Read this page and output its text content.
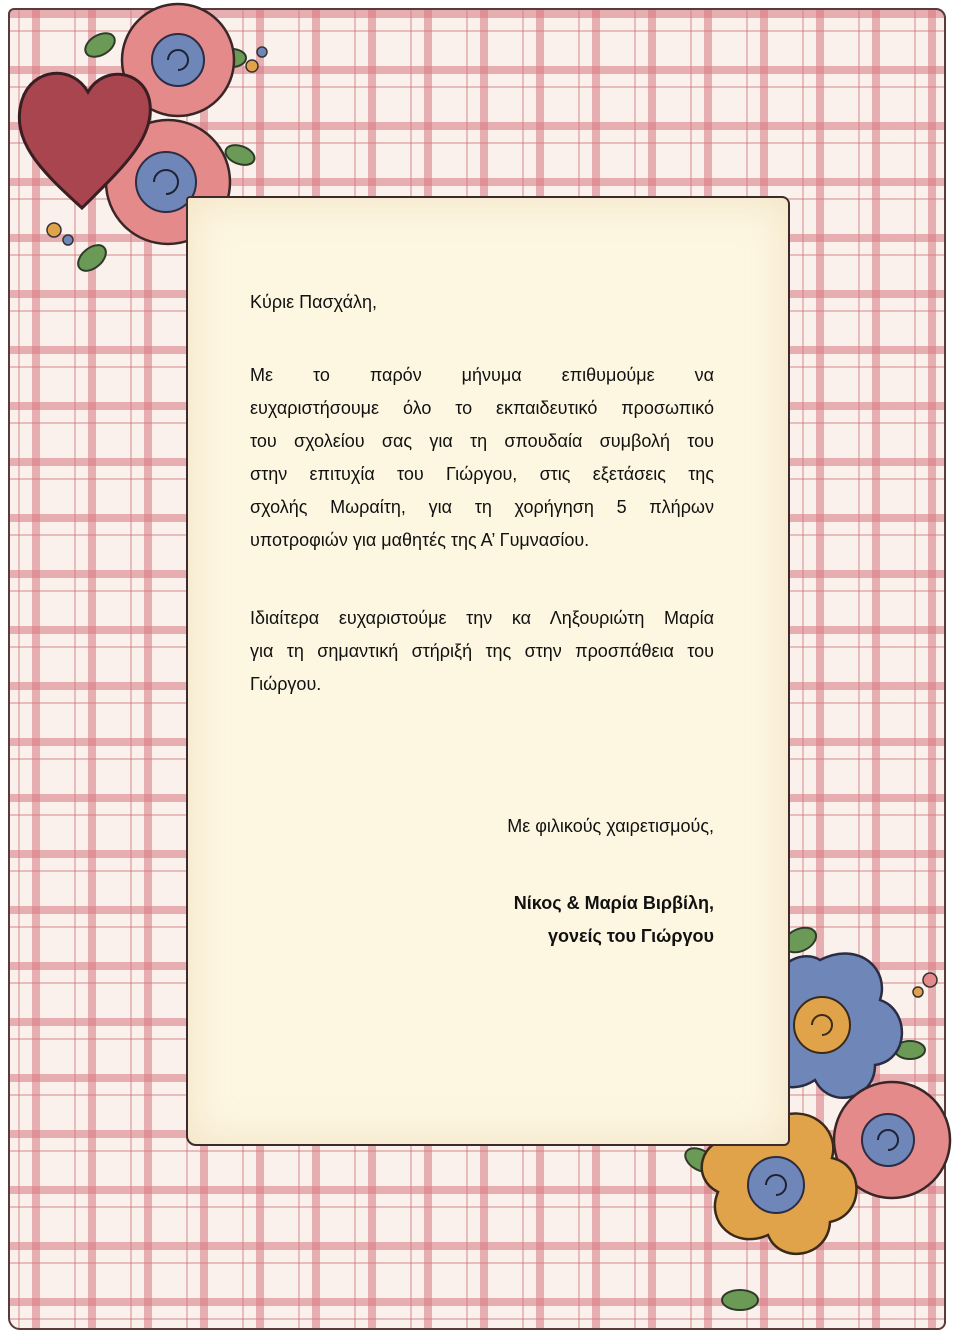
Κύριε Πασχάλη,

Με το παρόν μήνυμα επιθυμούμε να

ευχαριστήσουμε όλο το εκπαιδευτικό προσωπικό

του σχολείου σας για τη σπουδαία συμβολή του

στην επιτυχία του Γιώργου, στις εξετάσεις της

σχολής Μωραίτη, για τη χορήγηση 5 πλήρων

υποτροφιών για μαθητές της Α’ Γυμνασίου.

Ιδιαίτερα ευχαριστούμε την κα Ληξουριώτη Μαρία

για τη σημαντική στήριξή της στην προσπάθεια του

Γιώργου.

Με φιλικούς χαιρετισμούς,
Νίκος & Μαρία Βιρβίλη,
γονείς του Γιώργου
